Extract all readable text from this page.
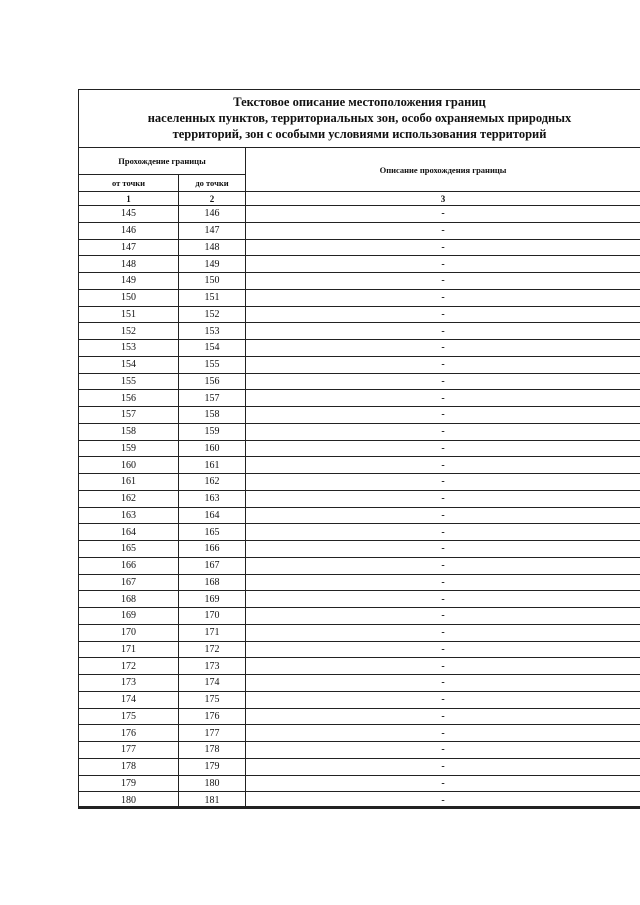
Текстовое описание местоположения границ
населенных пунктов, территориальных зон, особо охраняемых природных
территорий, зон с особыми условиями использования территорий		

Прохождение границы		Описание прохождения границы
от точки	до точки	
1	2	3
145	146	-
146	147	-
147	148	-
148	149	-
149	150	-
150	151	-
151	152	-
152	153	-
153	154	-
154	155	-
155	156	-
156	157	-
157	158	-
158	159	-
159	160	-
160	161	-
161	162	-
162	163	-
163	164	-
164	165	-
165	166	-
166	167	-
167	168	-
168	169	-
169	170	-
170	171	-
171	172	-
172	173	-
173	174	-
174	175	-
175	176	-
176	177	-
177	178	-
178	179	-
179	180	-
180	181	-
